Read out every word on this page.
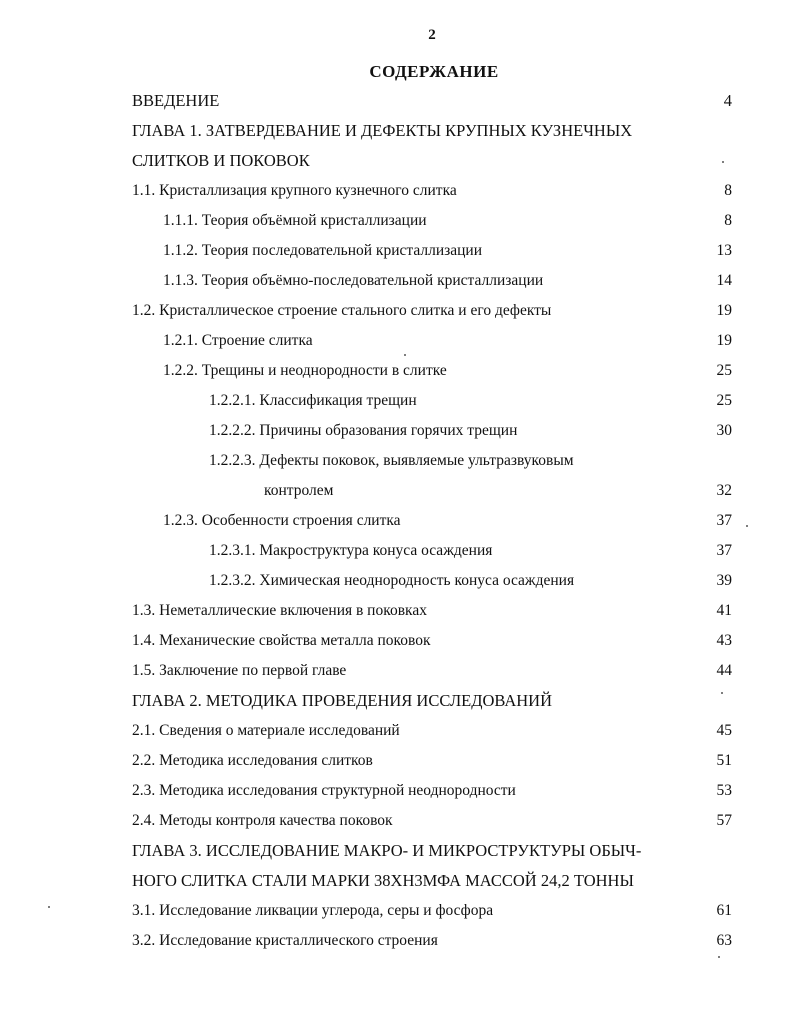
2
СОДЕРЖАНИЕ
ВВЕДЕНИЕ	4
ГЛАВА 1. ЗАТВЕРДЕВАНИЕ И ДЕФЕКТЫ КРУПНЫХ КУЗНЕЧНЫХ
СЛИТКОВ И ПОКОВОК
1.1. Кристаллизация крупного кузнечного слитка	8
1.1.1. Теория объёмной кристаллизации	8
1.1.2. Теория последовательной кристаллизации	13
1.1.3. Теория объёмно-последовательной кристаллизации	14
1.2. Кристаллическое строение стального слитка и его дефекты	19
1.2.1. Строение слитка	19
1.2.2. Трещины и неоднородности в слитке	25
1.2.2.1. Классификация трещин	25
1.2.2.2. Причины образования горячих трещин	30
1.2.2.3. Дефекты поковок, выявляемые ультразвуковым
контролем	32
1.2.3. Особенности строения слитка	37
1.2.3.1. Макроструктура конуса осаждения	37
1.2.3.2. Химическая неоднородность конуса осаждения	39
1.3. Неметаллические включения в поковках	41
1.4. Механические свойства металла поковок	43
1.5. Заключение по первой главе	44
ГЛАВА 2. МЕТОДИКА ПРОВЕДЕНИЯ ИССЛЕДОВАНИЙ
2.1. Сведения о материале исследований	45
2.2. Методика исследования слитков	51
2.3. Методика исследования структурной неоднородности	53
2.4. Методы контроля качества поковок	57
ГЛАВА 3. ИССЛЕДОВАНИЕ МАКРО- И МИКРОСТРУКТУРЫ ОБЫЧ-
НОГО СЛИТКА СТАЛИ МАРКИ 38ХН3МФА МАССОЙ 24,2 ТОННЫ
3.1. Исследование ликвации углерода, серы и фосфора	61
3.2. Исследование кристаллического строения	63
